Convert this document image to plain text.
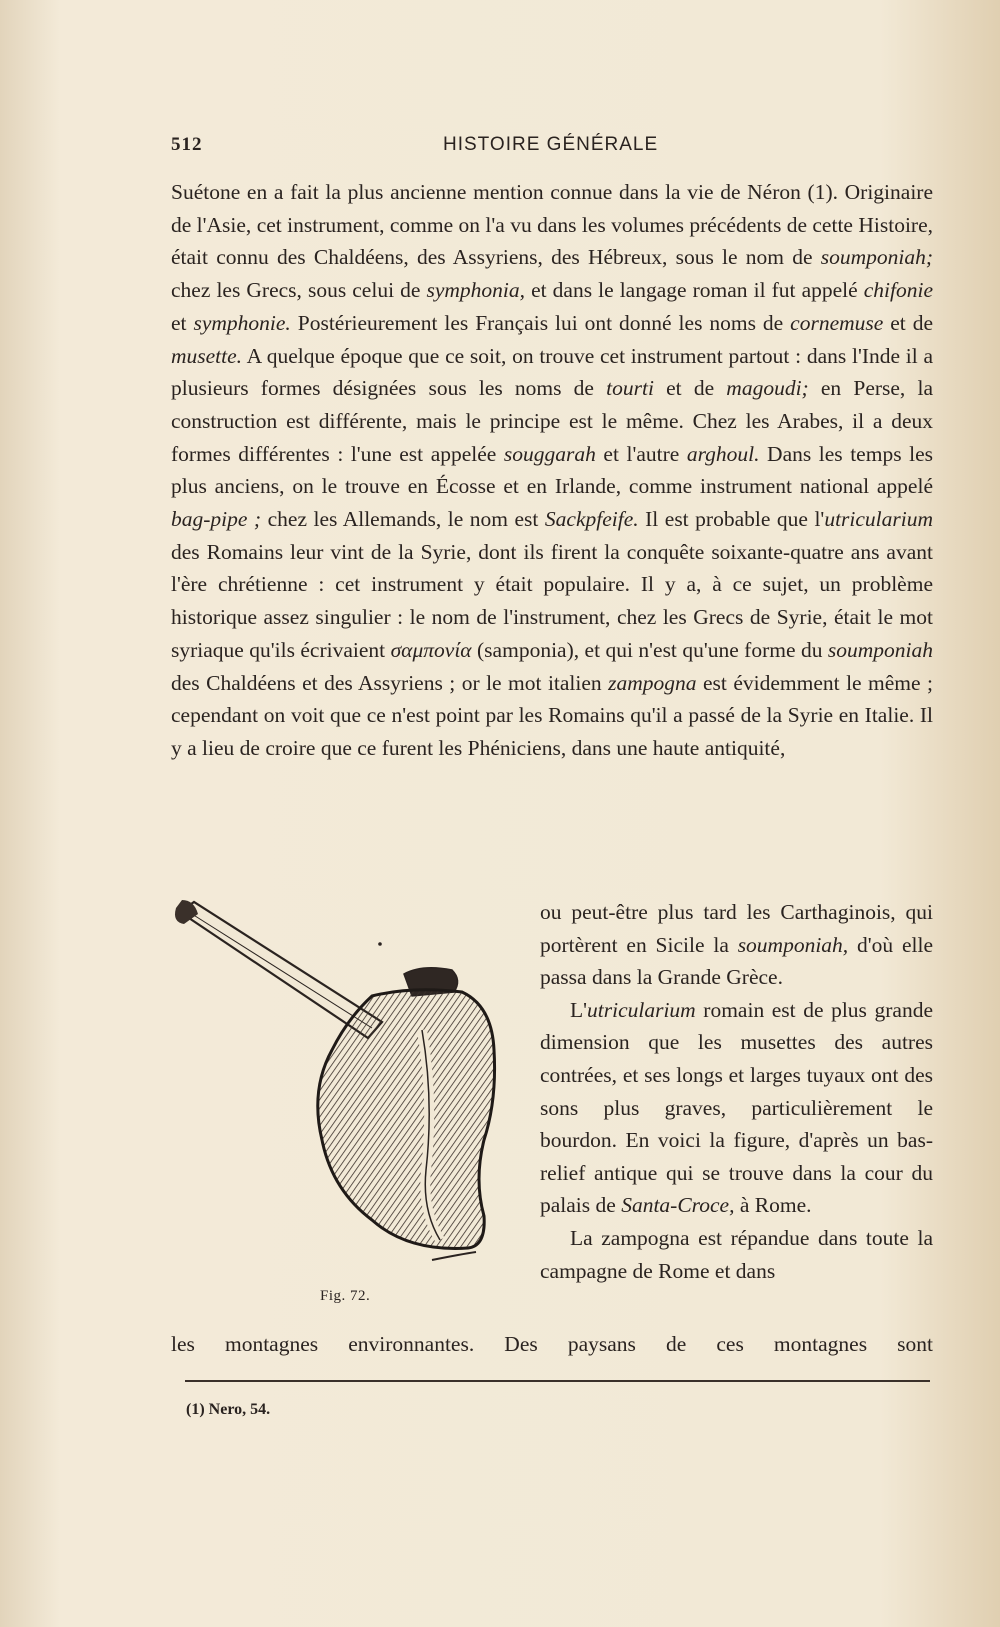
512	HISTOIRE GÉNÉRALE

Suétone en a fait la plus ancienne mention connue dans la vie de Néron (1). Originaire de l'Asie, cet instrument, comme on l'a vu dans les volumes précédents de cette Histoire, était connu des Chaldéens, des Assyriens, des Hébreux, sous le nom de soumponiah; chez les Grecs, sous celui de symphonia, et dans le langage roman il fut appelé chifonie et symphonie. Postérieurement les Français lui ont donné les noms de cornemuse et de musette. A quelque époque que ce soit, on trouve cet instrument partout : dans l'Inde il a plusieurs formes désignées sous les noms de tourti et de magoudi; en Perse, la construction est différente, mais le principe est le même. Chez les Arabes, il a deux formes différentes : l'une est appelée souggarah et l'autre arghoul. Dans les temps les plus anciens, on le trouve en Écosse et en Irlande, comme instrument national appelé bag-pipe ; chez les Allemands, le nom est Sackpfeife. Il est probable que l'utricularium des Romains leur vint de la Syrie, dont ils firent la conquête soixante-quatre ans avant l'ère chrétienne : cet instrument y était populaire. Il y a, à ce sujet, un problème historique assez singulier : le nom de l'instrument, chez les Grecs de Syrie, était le mot syriaque qu'ils écrivaient σαμπονία (samponia), et qui n'est qu'une forme du soumponiah des Chaldéens et des Assyriens ; or le mot italien zampogna est évidemment le même ; cependant on voit que ce n'est point par les Romains qu'il a passé de la Syrie en Italie. Il y a lieu de croire que ce furent les Phéniciens, dans une haute antiquité,

Fig. 72.

ou peut-être plus tard les Carthaginois, qui portèrent en Sicile la soumponiah, d'où elle passa dans la Grande Grèce.

L'utricularium romain est de plus grande dimension que les musettes des autres contrées, et ses longs et larges tuyaux ont des sons plus graves, particulièrement le bourdon. En voici la figure, d'après un bas-relief antique qui se trouve dans la cour du palais de Santa-Croce, à Rome.

La zampogna est répandue dans toute la campagne de Rome et dans

les montagnes environnantes. Des paysans de ces montagnes sont
(1) Nero, 54.
